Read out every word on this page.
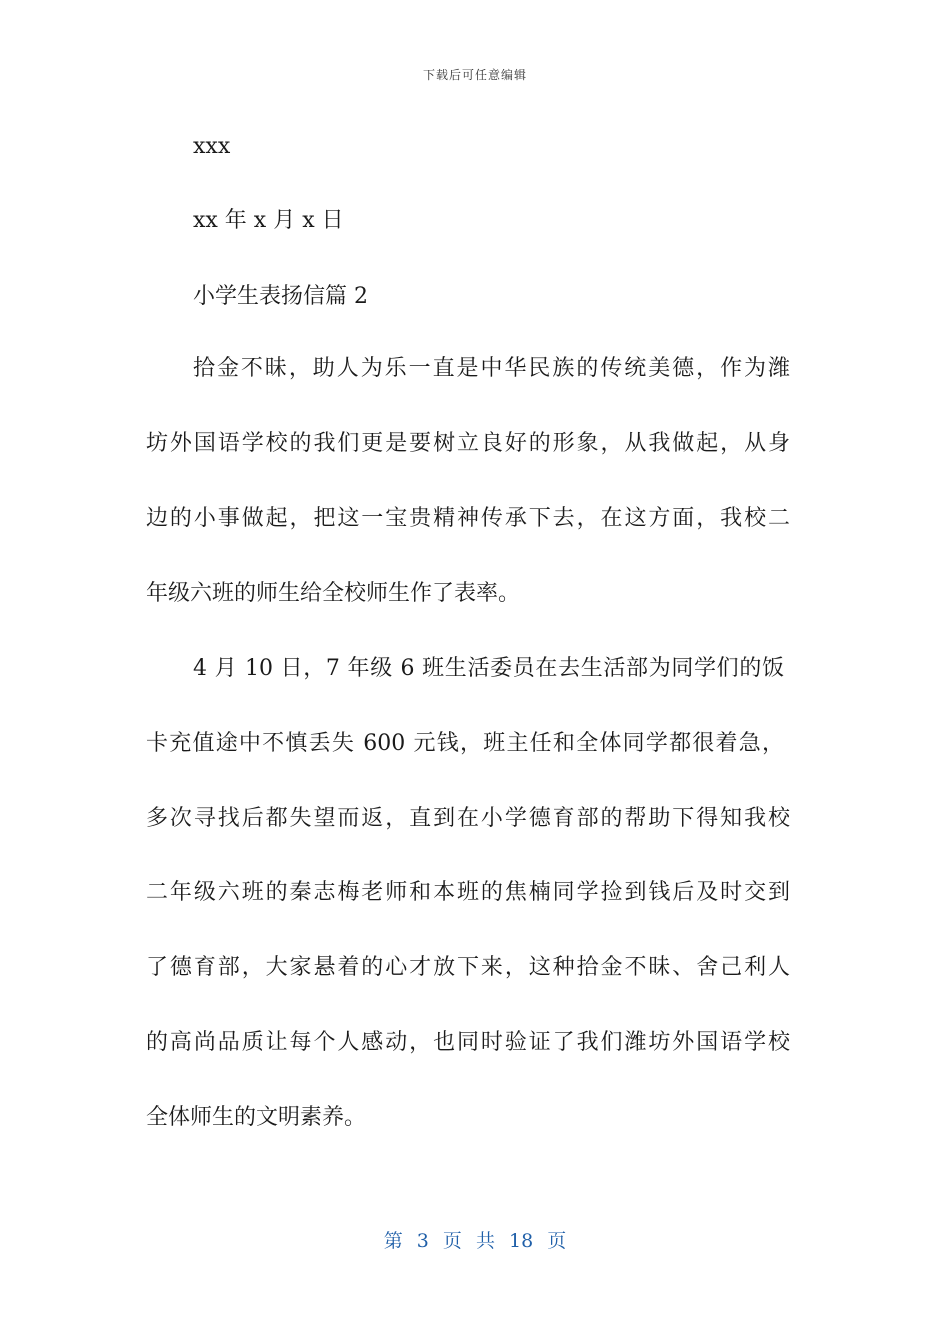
下载后可任意编辑
xxx
xx 年 x 月 x 日
小学生表扬信篇 2
拾金不昧，助人为乐一直是中华民族的传统美德，作为潍
坊外国语学校的我们更是要树立良好的形象，从我做起，从身
边的小事做起，把这一宝贵精神传承下去，在这方面，我校二
年级六班的师生给全校师生作了表率。
4 月 10 日，7 年级 6 班生活委员在去生活部为同学们的饭
卡充值途中不慎丢失 600 元钱，班主任和全体同学都很着急，
多次寻找后都失望而返，直到在小学德育部的帮助下得知我校
二年级六班的秦志梅老师和本班的焦楠同学捡到钱后及时交到
了德育部，大家悬着的心才放下来，这种拾金不昧、舍己利人
的高尚品质让每个人感动，也同时验证了我们潍坊外国语学校
全体师生的文明素养。
第 3 页 共 18 页
